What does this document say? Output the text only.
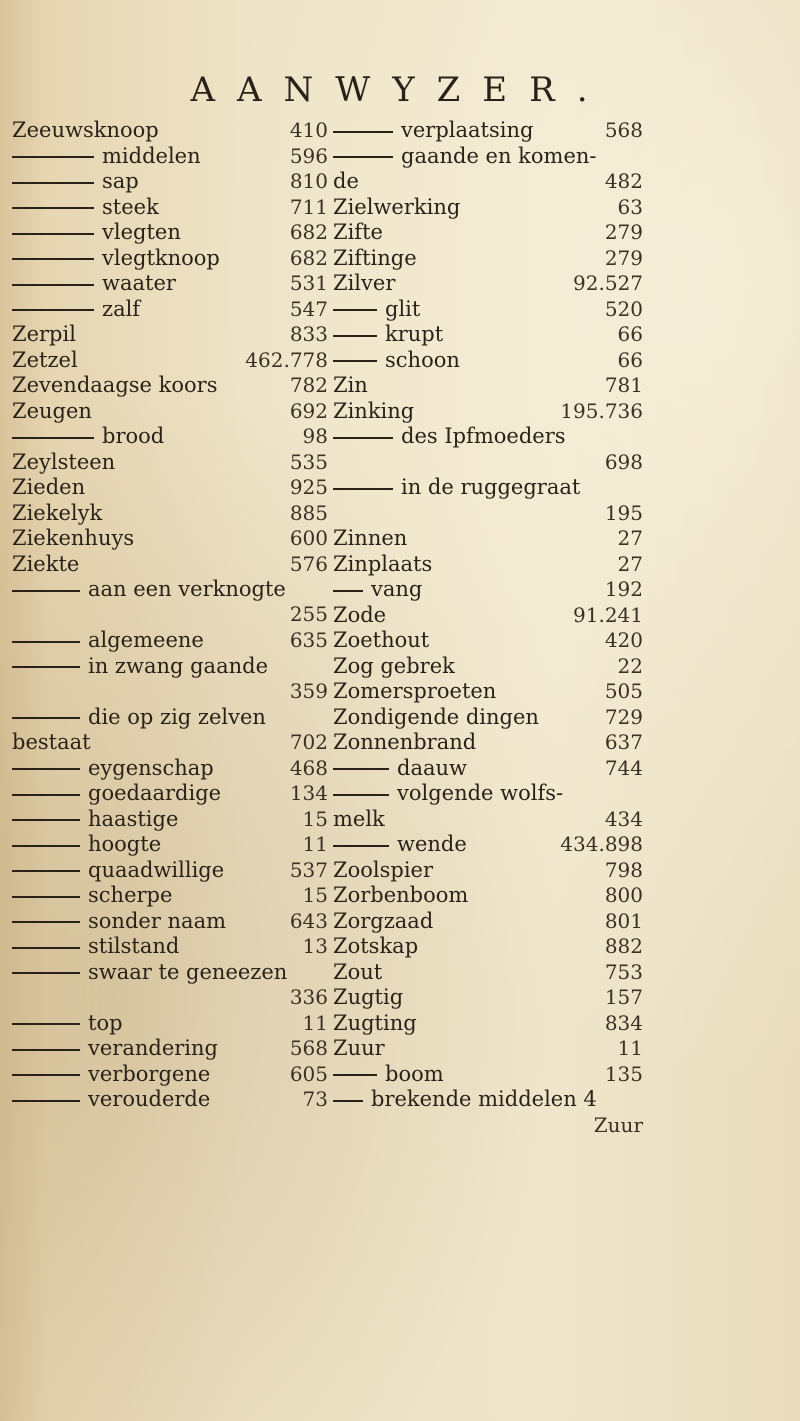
AANWYZER.
Zeeuwsknoop	410
middelen	596
sap	810
steek	711
vlegten	682
vlegtknoop	682
waater	531
zalf	547
Zerpil	833
Zetzel	462.778
Zevendaagse koors	782
Zeugen	692
brood	98
Zeylsteen	535
Zieden	925
Ziekelyk	885
Ziekenhuys	600
Ziekte	576
aan een verknogte
255
algemeene	635
in zwang gaande
359
die op zig zelven
bestaat	702
eygenschap	468
goedaardige	134
haastige	15
hoogte	11
quaadwillige	537
scherpe	15
sonder naam	643
stilstand	13
swaar te geneezen
336
top	11
verandering	568
verborgene	605
verouderde	73
verplaatsing	568
gaande en komen-
de	482
Zielwerking	63
Zifte	279
Ziftinge	279
Zilver	92.527
glit	520
krupt	66
schoon	66
Zin	781
Zinking	195.736
des Ipfmoeders
698
in de ruggegraat
195
Zinnen	27
Zinplaats	27
vang	192
Zode	91.241
Zoethout	420
Zog gebrek	22
Zomersproeten	505
Zondigende dingen	729
Zonnenbrand	637
daauw	744
volgende wolfs-
melk	434
wende	434.898
Zoolspier	798
Zorbenboom	800
Zorgzaad	801
Zotskap	882
Zout	753
Zugtig	157
Zugting	834
Zuur	11
boom	135
brekende middelen 4
Zuur
